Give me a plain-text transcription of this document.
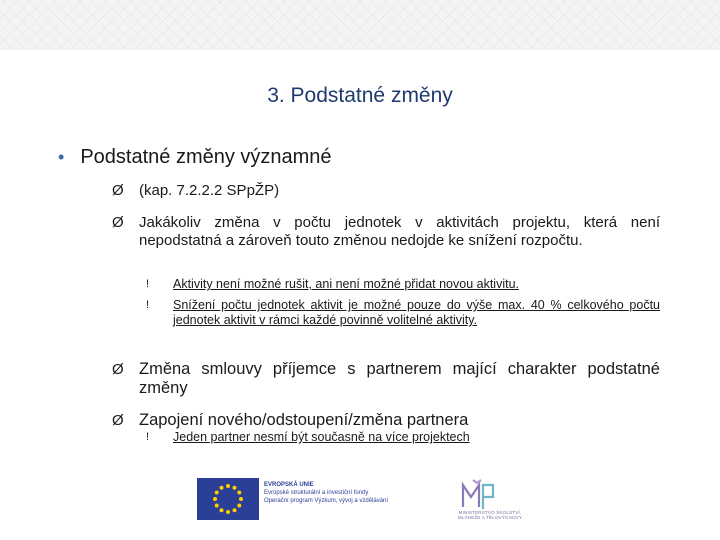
3. Podstatné změny
• Podstatné změny významné
Ø	(kap. 7.2.2.2 SPpŽP)
Ø	Jakákoliv změna v počtu jednotek v aktivitách projektu, která není nepodstatná a zároveň touto změnou nedojde ke snížení rozpočtu.
!	Aktivity není možné rušit, ani není možné přidat novou aktivitu.
!	Snížení počtu jednotek aktivit je možné pouze do výše max. 40 % celkového počtu jednotek aktivit v rámci každé povinně volitelné aktivity.
Ø Změna smlouvy příjemce s partnerem mající charakter podstatné změny
Ø Zapojení nového/odstoupení/změna partnera
!	Jeden partner nesmí být současně na více projektech
EVROPSKÁ UNIE
Evropské strukturální a investiční fondy
Operační program Výzkum, vývoj a vzdělávání
MINISTERSTVO ŠKOLSTVÍ,
MLÁDEŽE A TĚLOVÝCHOVY
